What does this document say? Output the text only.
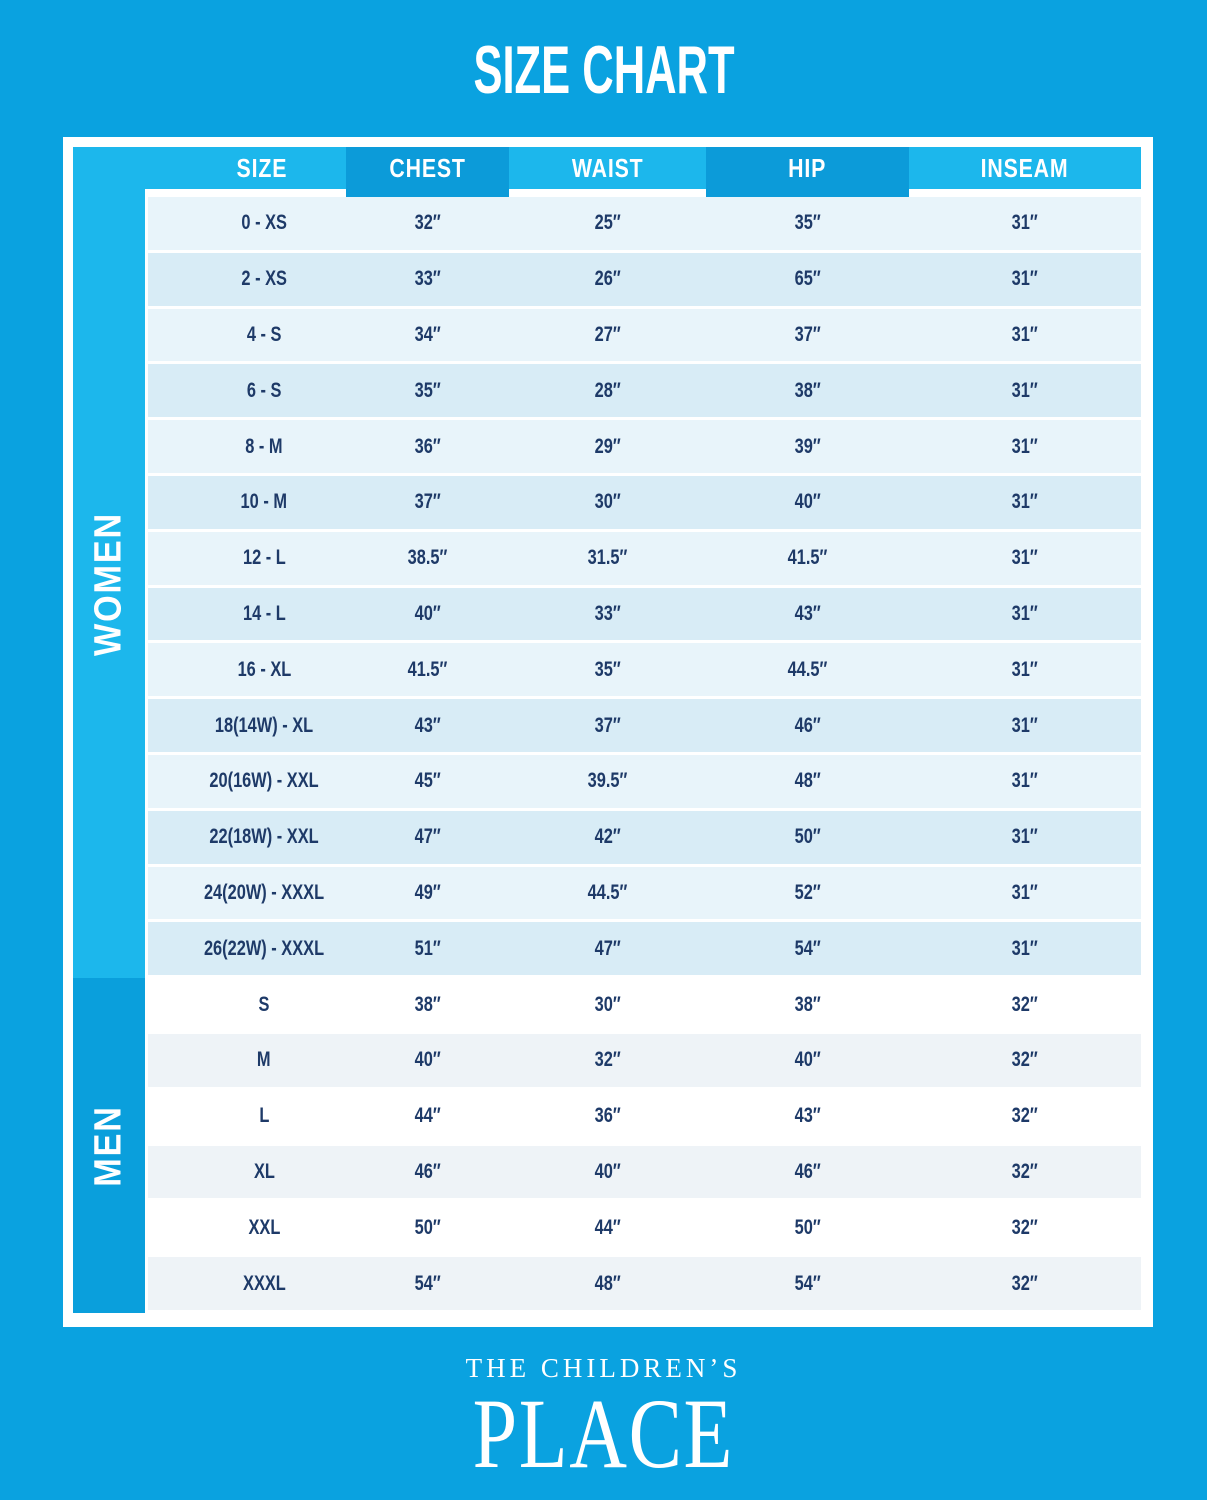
SIZE CHART
SIZE	CHEST	WAIST	HIP	INSEAM
WOMEN
MEN
0 - XS	32″	25″	35″	31″
2 - XS	33″	26″	65″	31″
4 - S	34″	27″	37″	31″
6 - S	35″	28″	38″	31″
8 - M	36″	29″	39″	31″
10 - M	37″	30″	40″	31″
12 - L	38.5″	31.5″	41.5″	31″
14 - L	40″	33″	43″	31″
16 - XL	41.5″	35″	44.5″	31″
18(14W) - XL	43″	37″	46″	31″
20(16W) - XXL	45″	39.5″	48″	31″
22(18W) - XXL	47″	42″	50″	31″
24(20W) - XXXL	49″	44.5″	52″	31″
26(22W) - XXXL	51″	47″	54″	31″
S	38″	30″	38″	32″
M	40″	32″	40″	32″
L	44″	36″	43″	32″
XL	46″	40″	46″	32″
XXL	50″	44″	50″	32″
XXXL	54″	48″	54″	32″
THE CHILDREN’S
PLACE
